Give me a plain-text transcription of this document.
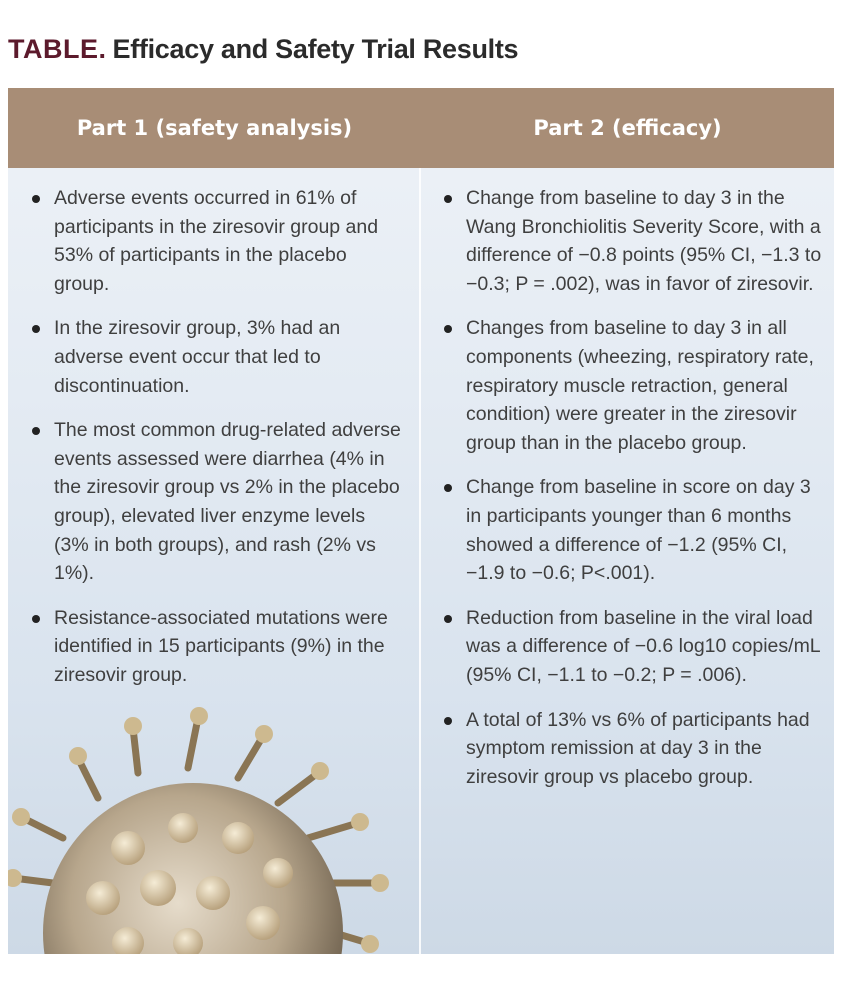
TABLE. Efficacy and Safety Trial Results
Part 1 (safety analysis)	Part 2 (efficacy)
Adverse events occurred in 61% of participants in the ziresovir group and 53% of participants in the placebo group.
In the ziresovir group, 3% had an adverse event occur that led to discontinuation.
The most common drug-related adverse events assessed were diarrhea (4% in the ziresovir group vs 2% in the placebo group), elevated liver enzyme levels (3% in both groups), and rash (2% vs 1%).
Resistance-associated mutations were identified in 15 participants (9%) in the ziresovir group.
Change from baseline to day 3 in the Wang Bronchiolitis Severity Score, with a difference of −0.8 points (95% CI, −1.3 to −0.3; P = .002), was in favor of ziresovir.
Changes from baseline to day 3 in all components (wheezing, respiratory rate, respiratory muscle retraction, general condition) were greater in the ziresovir group than in the placebo group.
Change from baseline in score on day 3 in participants younger than 6 months showed a difference of −1.2 (95% CI, −1.9 to −0.6; P<.001).
Reduction from baseline in the viral load was a difference of −0.6 log10 copies/mL (95% CI, −1.1 to −0.2; P = .006).
A total of 13% vs 6% of participants had symptom remission at day 3 in the ziresovir group vs placebo group.
